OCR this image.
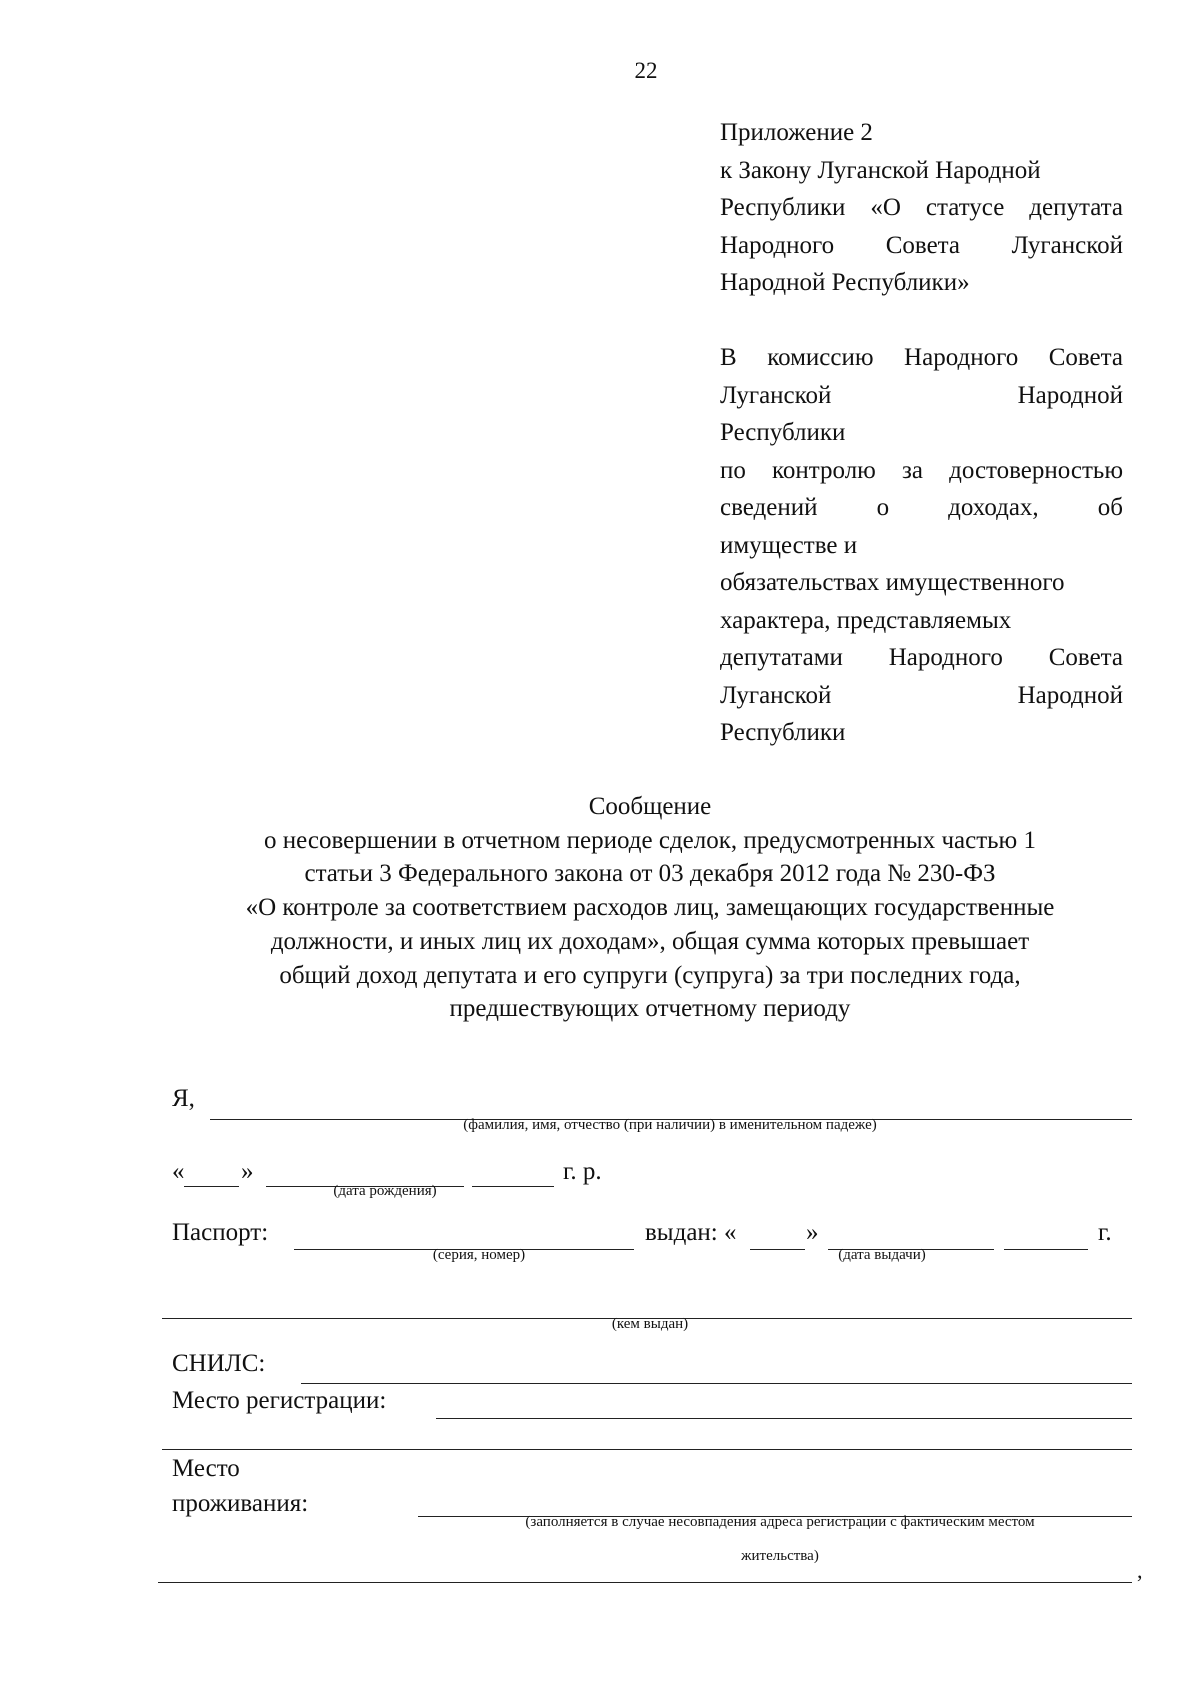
22
Приложение 2
к Закону Луганской Народной
Республики «О статусе депутата
Народного Совета Луганской
Народной Республики»
В комиссию Народного Совета
Луганской	Народной
Республики
по контролю за достоверностью
сведений о доходах, об
имуществе и
обязательствах имущественного
характера, представляемых
депутатами Народного Совета
Луганской	Народной
Республики
Сообщение
о несовершении в отчетном периоде сделок, предусмотренных частью 1
статьи 3 Федерального закона от 03 декабря 2012 года № 230-ФЗ
«О контроле за соответствием расходов лиц, замещающих государственные
должности, и иных лиц их доходам», общая сумма которых превышает
общий доход депутата и его супруги (супруга) за три последних года,
предшествующих отчетному периоду
Я,
(фамилия, имя, отчество (при наличии) в именительном падеже)
« »	г. р.
(дата рождения)
Паспорт:
(серия, номер)
выдан: «	»	г.
(дата выдачи)
(кем выдан)
СНИЛС:
Место регистрации:
Место
проживания:
(заполняется в случае несовпадения адреса регистрации с фактическим местом
жительства)
,
